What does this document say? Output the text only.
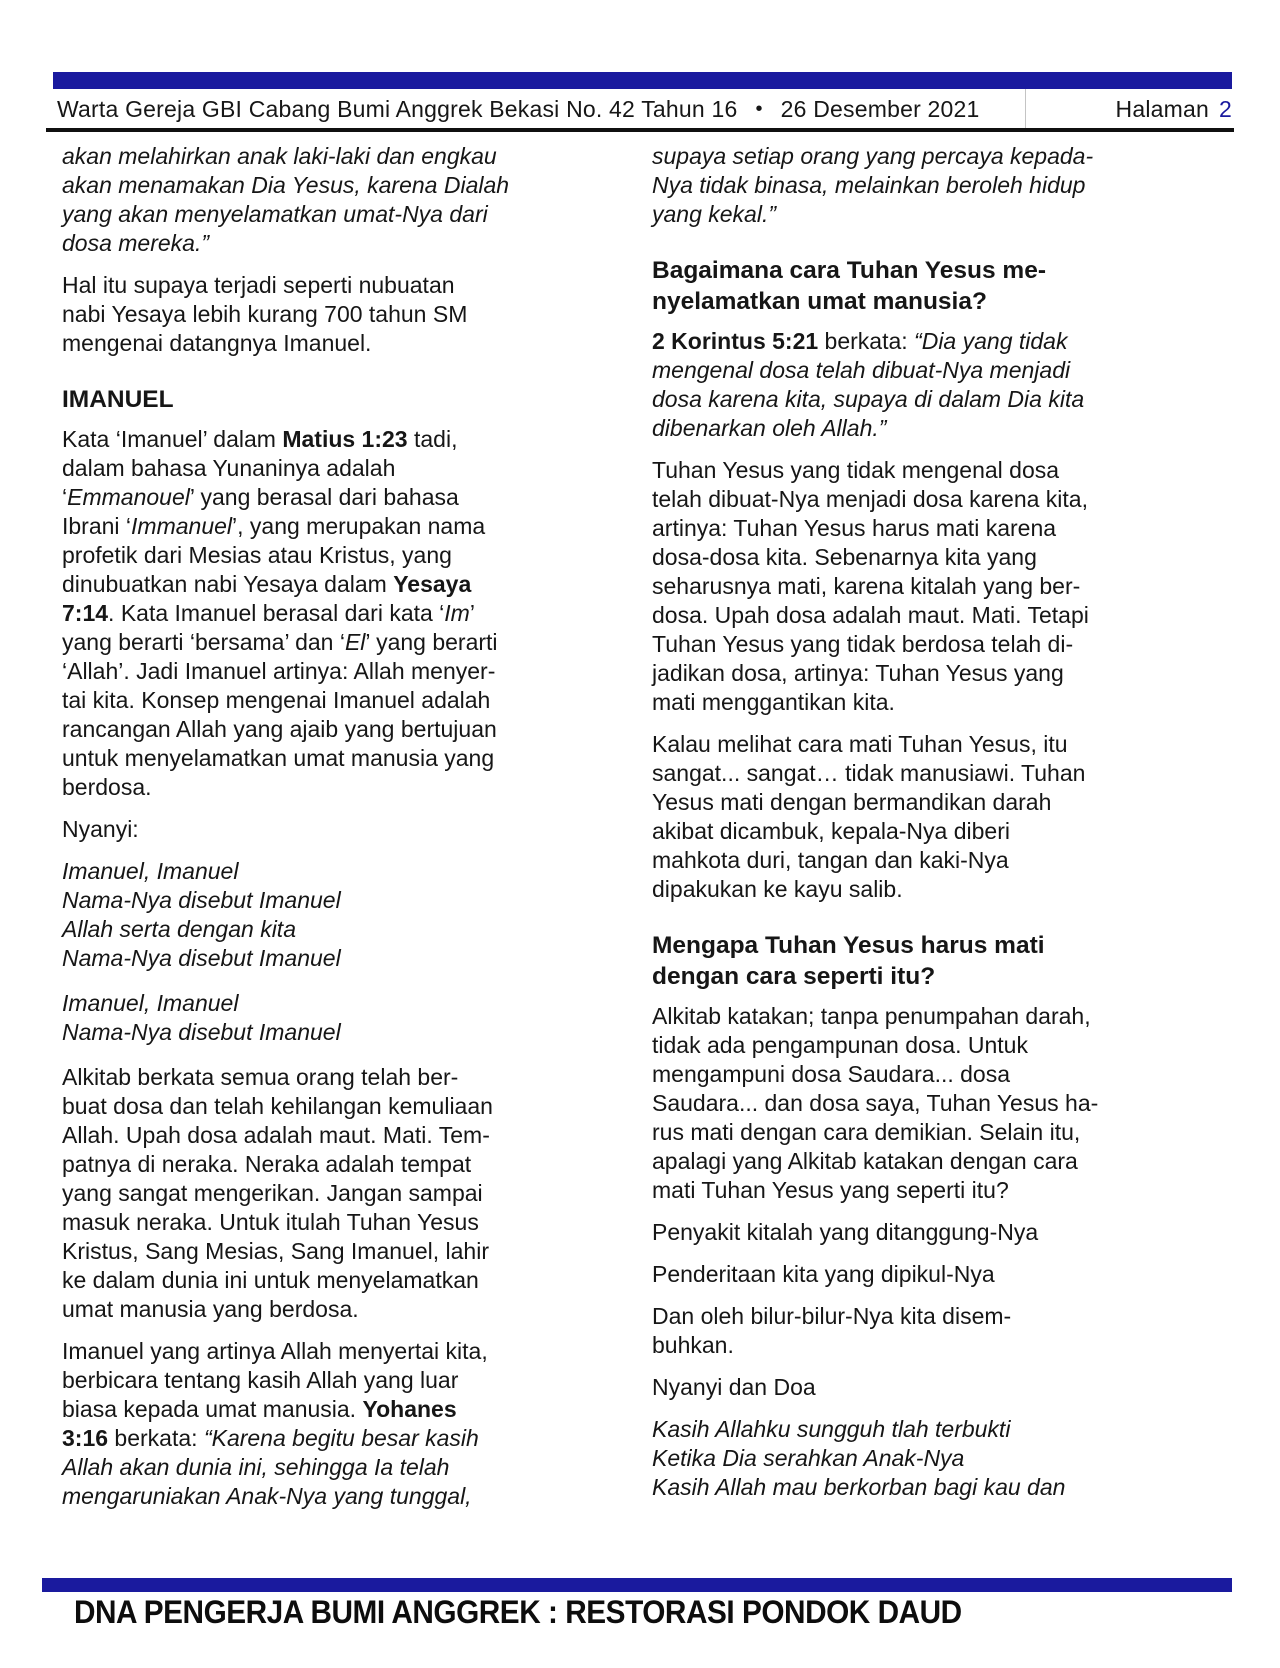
Warta Gereja GBI Cabang Bumi Anggrek Bekasi No. 42 Tahun 16 • 26 Desember 2021	Halaman 2
akan melahirkan anak laki-laki dan engkau
akan menamakan Dia Yesus, karena Dialah
yang akan menyelamatkan umat-Nya dari
dosa mereka.”
Hal itu supaya terjadi seperti nubuatan
nabi Yesaya lebih kurang 700 tahun SM
mengenai datangnya Imanuel.
IMANUEL
Kata ‘Imanuel’ dalam Matius 1:23 tadi,
dalam bahasa Yunaninya adalah
‘Emmanouel’ yang berasal dari bahasa
Ibrani ‘Immanuel’, yang merupakan nama
profetik dari Mesias atau Kristus, yang
dinubuatkan nabi Yesaya dalam Yesaya
7:14. Kata Imanuel berasal dari kata ‘Im’
yang berarti ‘bersama’ dan ‘El’ yang berarti
‘Allah’. Jadi Imanuel artinya: Allah menyer-
tai kita. Konsep mengenai Imanuel adalah
rancangan Allah yang ajaib yang bertujuan
untuk menyelamatkan umat manusia yang
berdosa.
Nyanyi:
Imanuel, Imanuel
Nama-Nya disebut Imanuel
Allah serta dengan kita
Nama-Nya disebut Imanuel
Imanuel, Imanuel
Nama-Nya disebut Imanuel
Alkitab berkata semua orang telah ber-
buat dosa dan telah kehilangan kemuliaan
Allah. Upah dosa adalah maut. Mati. Tem-
patnya di neraka. Neraka adalah tempat
yang sangat mengerikan. Jangan sampai
masuk neraka. Untuk itulah Tuhan Yesus
Kristus, Sang Mesias, Sang Imanuel, lahir
ke dalam dunia ini untuk menyelamatkan
umat manusia yang berdosa.
Imanuel yang artinya Allah menyertai kita,
berbicara tentang kasih Allah yang luar
biasa kepada umat manusia. Yohanes
3:16 berkata: “Karena begitu besar kasih
Allah akan dunia ini, sehingga Ia telah
mengaruniakan Anak-Nya yang tunggal,
supaya setiap orang yang percaya kepada-
Nya tidak binasa, melainkan beroleh hidup
yang kekal.”
Bagaimana cara Tuhan Yesus me-
nyelamatkan umat manusia?
2 Korintus 5:21 berkata: “Dia yang tidak
mengenal dosa telah dibuat-Nya menjadi
dosa karena kita, supaya di dalam Dia kita
dibenarkan oleh Allah.”
Tuhan Yesus yang tidak mengenal dosa
telah dibuat-Nya menjadi dosa karena kita,
artinya: Tuhan Yesus harus mati karena
dosa-dosa kita. Sebenarnya kita yang
seharusnya mati, karena kitalah yang ber-
dosa. Upah dosa adalah maut. Mati. Tetapi
Tuhan Yesus yang tidak berdosa telah di-
jadikan dosa, artinya: Tuhan Yesus yang
mati menggantikan kita.
Kalau melihat cara mati Tuhan Yesus, itu
sangat... sangat… tidak manusiawi. Tuhan
Yesus mati dengan bermandikan darah
akibat dicambuk, kepala-Nya diberi
mahkota duri, tangan dan kaki-Nya
dipakukan ke kayu salib.
Mengapa Tuhan Yesus harus mati
dengan cara seperti itu?
Alkitab katakan; tanpa penumpahan darah,
tidak ada pengampunan dosa. Untuk
mengampuni dosa Saudara... dosa
Saudara... dan dosa saya, Tuhan Yesus ha-
rus mati dengan cara demikian. Selain itu,
apalagi yang Alkitab katakan dengan cara
mati Tuhan Yesus yang seperti itu?
Penyakit kitalah yang ditanggung-Nya
Penderitaan kita yang dipikul-Nya
Dan oleh bilur-bilur-Nya kita disem-
buhkan.
Nyanyi dan Doa
Kasih Allahku sungguh tlah terbukti
Ketika Dia serahkan Anak-Nya
Kasih Allah mau berkorban bagi kau dan
DNA PENGERJA BUMI ANGGREK : RESTORASI PONDOK DAUD
